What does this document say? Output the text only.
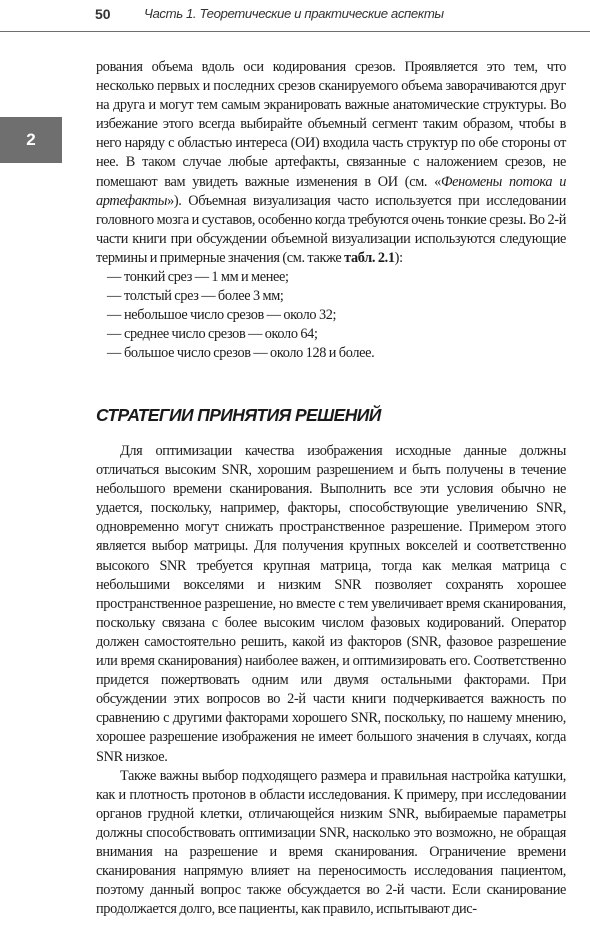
50	Часть 1. Теоретические и практические аспекты
2

рования объема вдоль оси кодирования срезов. Проявляется это тем, что несколько первых и последних срезов сканируемого объема заворачиваются друг на друга и могут тем самым экранировать важные анатомические структуры. Во избежание этого всегда выбирайте объемный сегмент таким образом, чтобы в него наряду с областью интереса (ОИ) входила часть структур по обе стороны от нее. В таком случае любые артефакты, связанные с наложением срезов, не помешают вам увидеть важные изменения в ОИ (см. «Феномены потока и артефакты»). Объемная визуализация часто используется при исследовании головного мозга и суставов, особенно когда требуются очень тонкие срезы. Во 2-й части книги при обсуждении объемной визуализации используются следующие термины и примерные значения (см. также табл. 2.1):

— тонкий срез — 1 мм и менее;
— толстый срез — более 3 мм;
— небольшое число срезов — около 32;
— среднее число срезов — около 64;
— большое число срезов — около 128 и более.
СТРАТЕГИИ ПРИНЯТИЯ РЕШЕНИЙ

Для оптимизации качества изображения исходные данные должны отличаться высоким SNR, хорошим разрешением и быть получены в течение небольшого времени сканирования. Выполнить все эти условия обычно не удается, поскольку, например, факторы, способствующие увеличению SNR, одновременно могут снижать пространственное разрешение. Примером этого является выбор матрицы. Для получения крупных вокселей и соответственно высокого SNR требуется крупная матрица, тогда как мелкая матрица с небольшими вокселями и низким SNR позволяет сохранять хорошее пространственное разрешение, но вместе с тем увеличивает время сканирования, поскольку связана с более высоким числом фазовых кодирований. Оператор должен самостоятельно решить, какой из факторов (SNR, фазовое разрешение или время сканирования) наиболее важен, и оптимизировать его. Соответственно придется пожертвовать одним или двумя остальными факторами. При обсуждении этих вопросов во 2-й части книги подчеркивается важность по сравнению с другими факторами хорошего SNR, поскольку, по нашему мнению, хорошее разрешение изображения не имеет большого значения в случаях, когда SNR низкое.

Также важны выбор подходящего размера и правильная настройка катушки, как и плотность протонов в области исследования. К примеру, при исследовании органов грудной клетки, отличающейся низким SNR, выбираемые параметры должны способствовать оптимизации SNR, насколько это возможно, не обращая внимания на разрешение и время сканирования. Ограничение времени сканирования напрямую влияет на переносимость исследования пациентом, поэтому данный вопрос также обсуждается во 2-й части. Если сканирование продолжается долго, все пациенты, как правило, испытывают дис-
